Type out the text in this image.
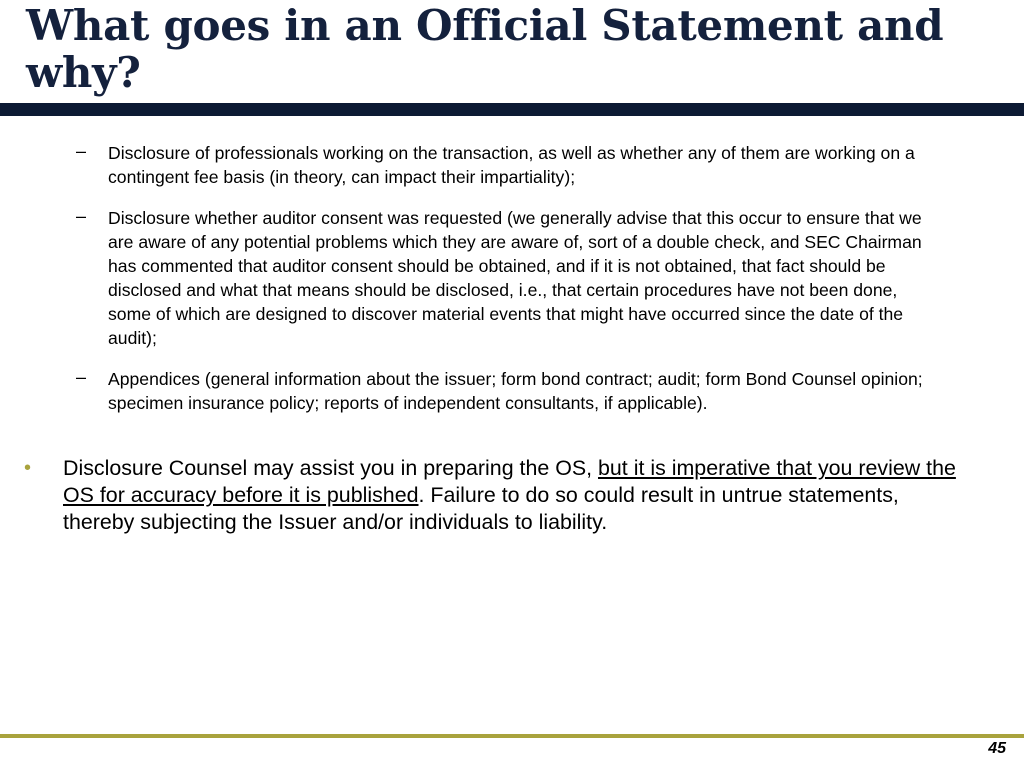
What goes in an Official Statement and why?
– Disclosure of professionals working on the transaction, as well as whether any of them are working on a contingent fee basis (in theory, can impact their impartiality);
– Disclosure whether auditor consent was requested (we generally advise that this occur to ensure that we are aware of any potential problems which they are aware of, sort of a double check, and SEC Chairman has commented that auditor consent should be obtained, and if it is not obtained, that fact should be disclosed and what that means should be disclosed, i.e., that certain procedures have not been done, some of which are designed to discover material events that might have occurred since the date of the audit);
– Appendices (general information about the issuer; form bond contract; audit; form Bond Counsel opinion; specimen insurance policy; reports of independent consultants, if applicable).
• Disclosure Counsel may assist you in preparing the OS, but it is imperative that you review the OS for accuracy before it is published. Failure to do so could result in untrue statements, thereby subjecting the Issuer and/or individuals to liability.
45
